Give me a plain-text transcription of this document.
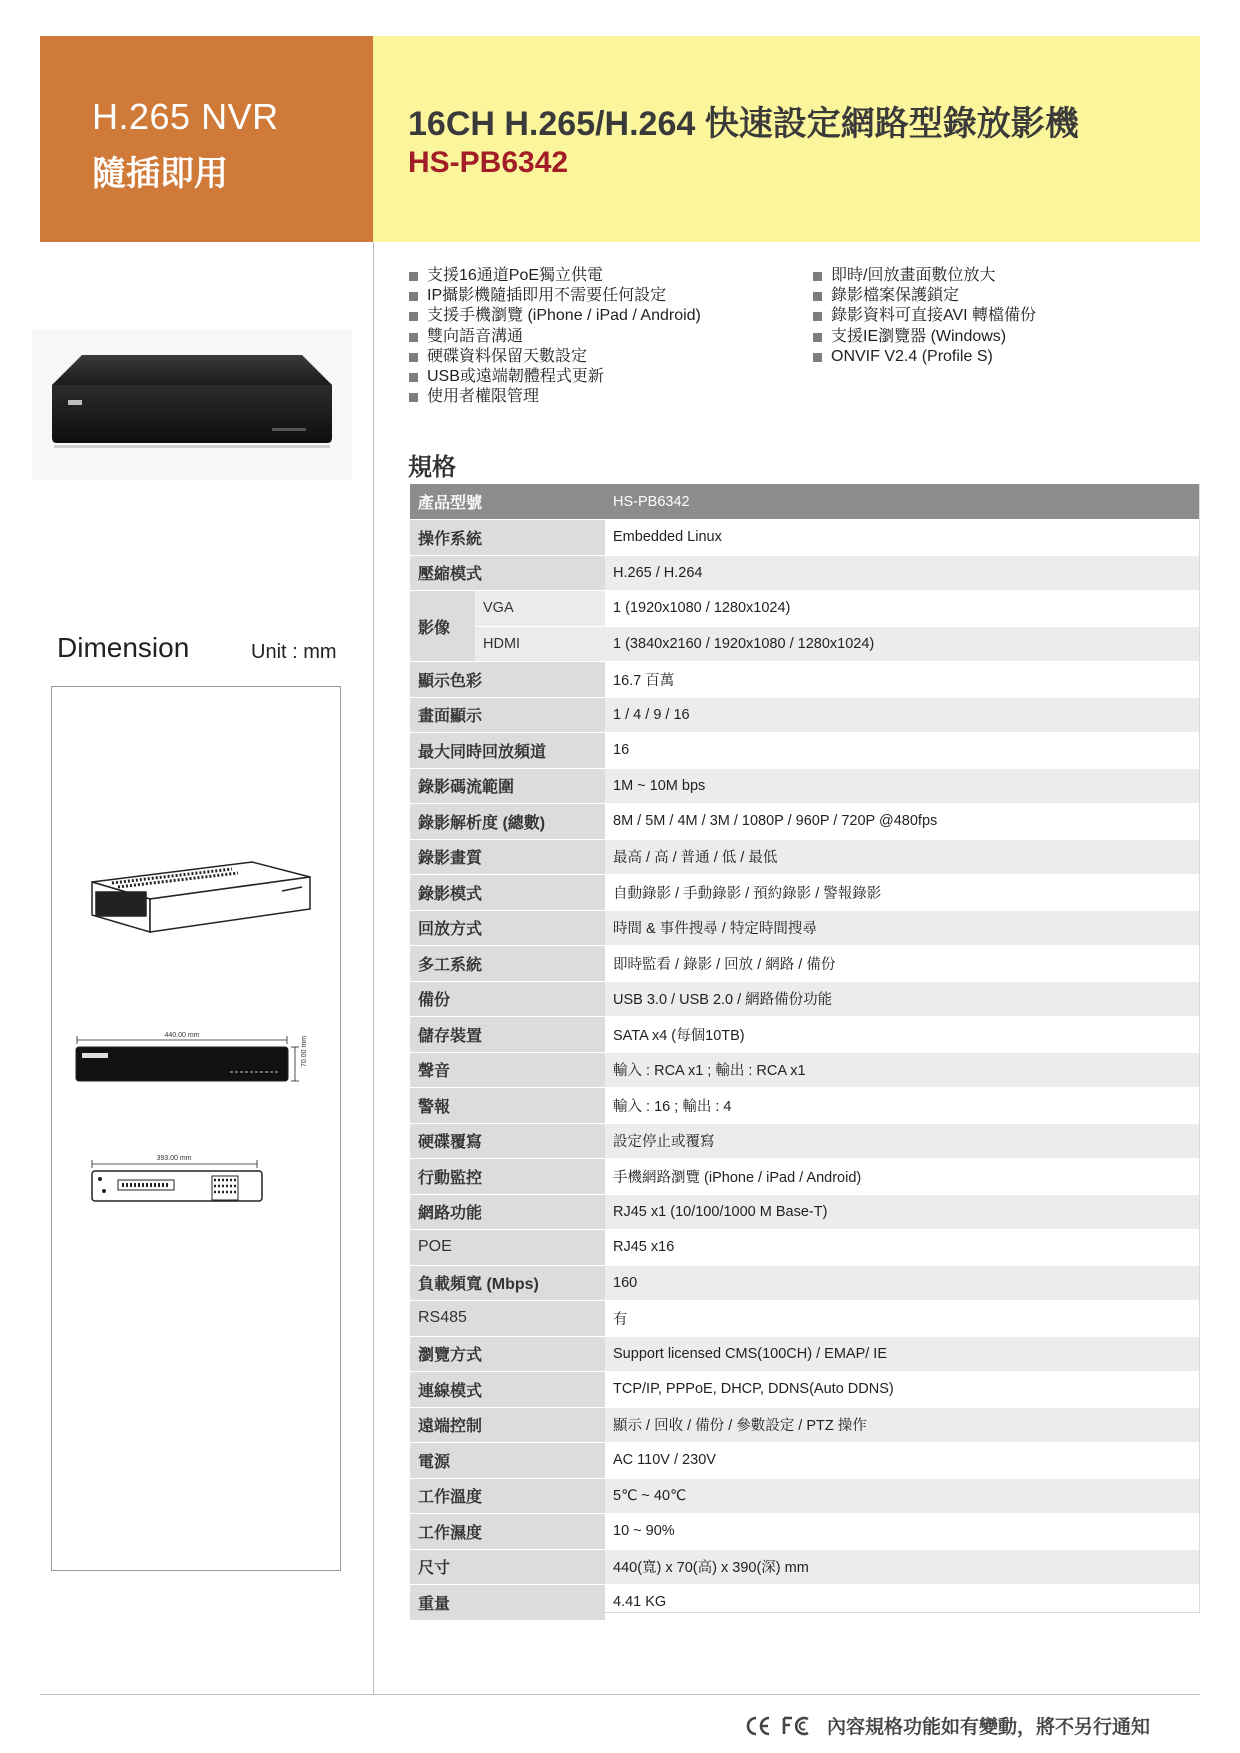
H.265 NVR
隨插即用
16CH H.265/H.264 快速設定網路型錄放影機
HS-PB6342
支援16通道PoE獨立供電
IP攝影機隨插即用不需要任何設定
支援手機瀏覽 (iPhone / iPad / Android)
雙向語音溝通
硬碟資料保留天數設定
USB或遠端韌體程式更新
使用者權限管理
即時/回放畫面數位放大
錄影檔案保護鎖定
錄影資料可直接AVI 轉檔備份
支援IE瀏覽器 (Windows)
ONVIF V2.4 (Profile S)
規格
Dimension	Unit : mm
440.00 mm
70.00 mm
393.00 mm
產品型號		HS-PB6342
操作系統		Embedded Linux
壓縮模式		H.265 / H.264
影像	VGA	1 (1920x1080 / 1280x1024)
	HDMI	1 (3840x2160 / 1920x1080 / 1280x1024)
顯示色彩		16.7 百萬
畫面顯示		1 / 4 / 9 / 16
最大同時回放頻道		16
錄影碼流範圍		1M ~ 10M bps
錄影解析度 (總數)		8M / 5M / 4M / 3M / 1080P / 960P / 720P @480fps
錄影畫質		最高 / 高 / 普通 / 低 / 最低
錄影模式		自動錄影 / 手動錄影 / 預約錄影 / 警報錄影
回放方式		時間 & 事件搜尋 / 特定時間搜尋
多工系統		即時監看 / 錄影 / 回放 / 網路 / 備份
備份		USB 3.0 / USB 2.0 / 網路備份功能
儲存裝置		SATA x4 (每個10TB)
聲音		輸入 : RCA x1 ; 輸出 : RCA x1
警報		輸入 : 16 ; 輸出 : 4
硬碟覆寫		設定停止或覆寫
行動監控		手機網路瀏覽 (iPhone / iPad / Android)
網路功能		RJ45 x1 (10/100/1000 M Base-T)
POE		RJ45 x16
負載頻寬 (Mbps)		160
RS485		有
瀏覽方式		Support licensed CMS(100CH) / EMAP/ IE
連線模式		TCP/IP, PPPoE, DHCP, DDNS(Auto DDNS)
遠端控制		顯示 / 回收 / 備份 / 參數設定 / PTZ 操作
電源		AC 110V / 230V
工作溫度		5℃ ~ 40℃
工作濕度		10 ~ 90%
尺寸		440(寬) x 70(高) x 390(深) mm
重量		4.41 KG
內容規格功能如有變動，將不另行通知
